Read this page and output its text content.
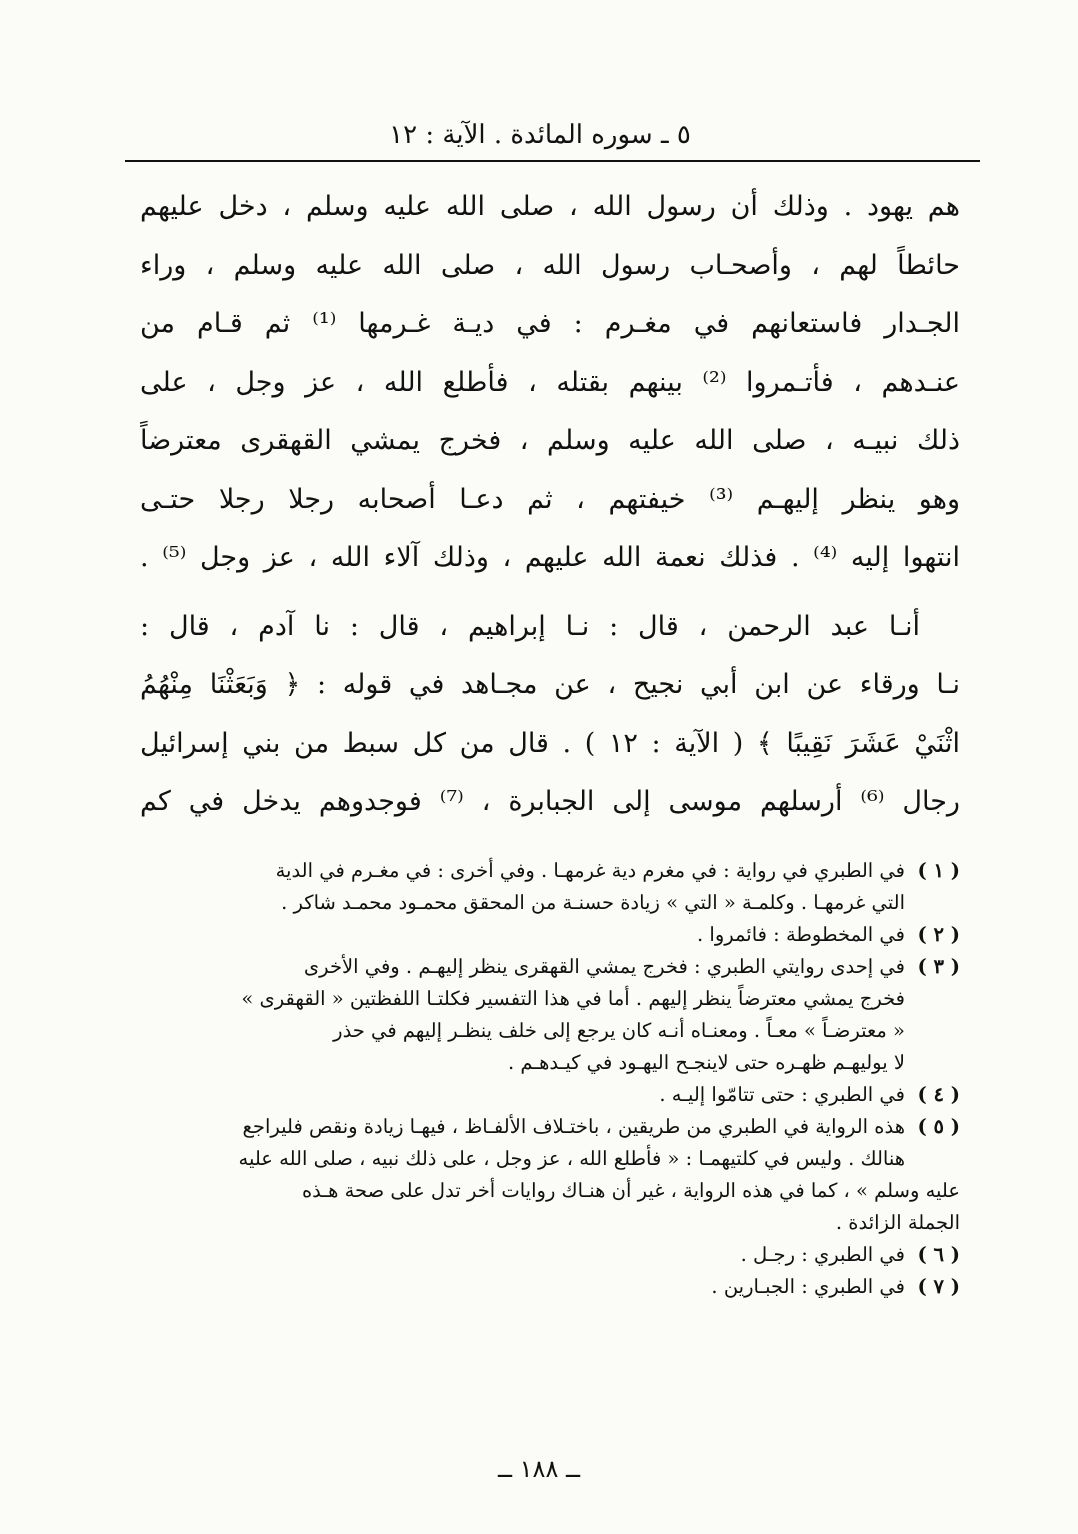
٥ ـ سوره المائدة . الآية : ١٢
هم يهود . وذلك أن رسول الله ، صلى الله عليه وسلم ، دخل عليهم
حائطاً لهم ، وأصحـاب رسول الله ، صلى الله عليه وسلم ، وراء
الجـدار فاستعانهم في مغـرم : في ديـة غـرمها ⁽¹⁾ ثم قـام من
عنـدهم ، فأتـمروا ⁽²⁾ بينهم بقتله ، فأطلع الله ، عز وجل ، على
ذلك نبيـه ، صلى الله عليه وسلم ، فخرج يمشي القهقرى معترضاً
وهو ينظر إليهـم ⁽³⁾ خيفتهم ، ثم دعـا أصحابه رجلا رجلا حتـى
انتهوا إليه ⁽⁴⁾ . فذلك نعمة الله عليهم ، وذلك آلاء الله ، عز وجل ⁽⁵⁾ .
أنـا عبد الرحمن ، قال : نـا إبراهيم ، قال : نا آدم ، قال :
نـا ورقاء عن ابن أبي نجيح ، عن مجـاهد في قوله : ﴿ وَبَعَثْنَا مِنْهُمُ
اثْنَيْ عَشَرَ نَقِيبًا ﴾ ( الآية : ١٢ ) . قال من كل سبط من بني إسرائيل
رجال ⁽⁶⁾ أرسلهم موسى إلى الجبابرة ، ⁽⁷⁾ فوجدوهم يدخل في كم
( ١ )
في الطبري في رواية : في مغرم دية غرمهـا . وفي أخرى : في مغـرم في الدية
التي غرمهـا . وكلمـة « التي » زيادة حسنـة من المحقق محمـود محمـد شاكر .
( ٢ )
في المخطوطة : فائمروا .
( ٣ )
في إحدى روايتي الطبري : فخرج يمشي القهقرى ينظر إليهـم . وفي الأخرى
فخرج يمشي معترضاً ينظر إليهم . أما في هذا التفسير فكلتـا اللفظتين « القهقرى »
« معترضـاً » معـاً . ومعنـاه أنـه كان يرجع إلى خلف ينظـر إليهم في حذر
لا يوليهـم ظهـره حتى لاينجـح اليهـود في كيـدهـم .
( ٤ )
في الطبري : حتى تتامّوا إليـه .
( ٥ )
هذه الرواية في الطبري من طريقين ، باختـلاف الألفـاظ ، فيهـا زيادة ونقص فليراجع
هنالك . وليس في كلتيهمـا : « فأطلع الله ، عز وجل ، على ذلك نبيه ، صلى الله عليه
عليه وسلم » ، كما في هذه الرواية ، غير أن هنـاك روايات أخر تدل على صحة هـذه
الجملة الزائدة .
( ٦ )
في الطبري : رجـل .
( ٧ )
في الطبري : الجبـارين .
ــ ١٨٨ ــ
